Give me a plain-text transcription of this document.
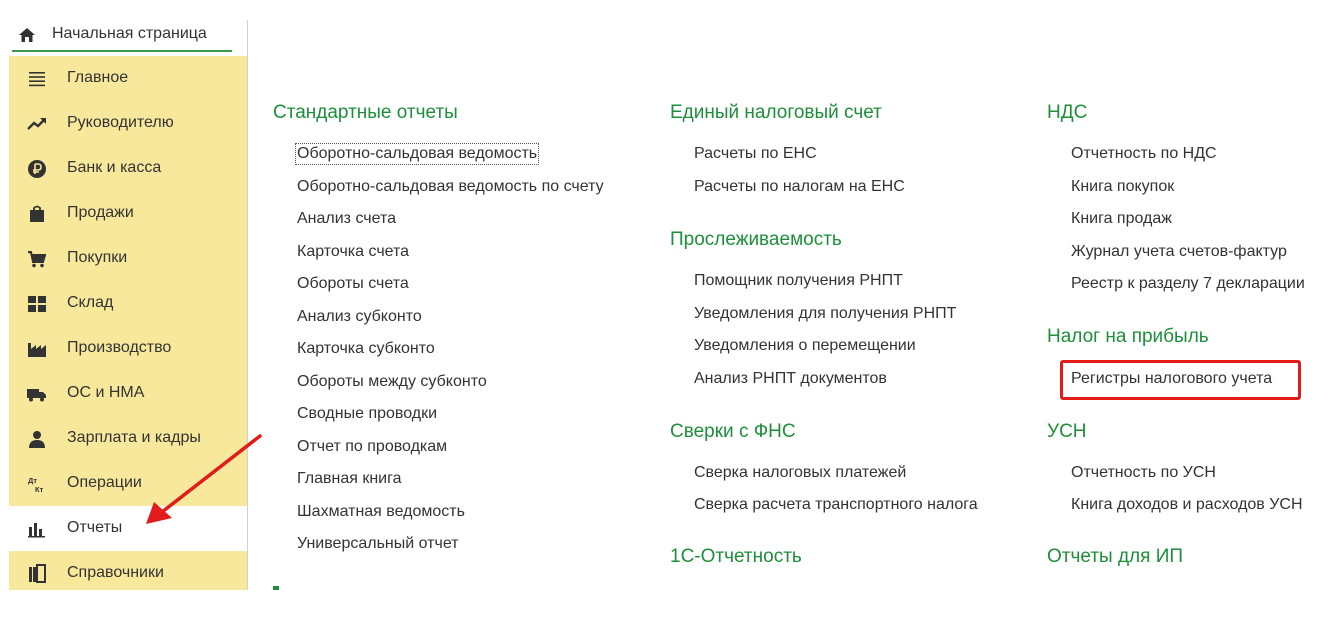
Начальная страница
Главное
Руководителю
Банк и касса
Продажи
Покупки
Склад
Производство
ОС и НМА
Зарплата и кадры
Дт
Кт Операции
Отчеты
Справочники
Стандартные отчеты
Оборотно-сальдовая ведомость
Оборотно-сальдовая ведомость по счету
Анализ счета
Карточка счета
Обороты счета
Анализ субконто
Карточка субконто
Обороты между субконто
Сводные проводки
Отчет по проводкам
Главная книга
Шахматная ведомость
Универсальный отчет
Единый налоговый счет
Расчеты по ЕНС
Расчеты по налогам на ЕНС
Прослеживаемость
Помощник получения РНПТ
Уведомления для получения РНПТ
Уведомления о перемещении
Анализ РНПТ документов
Сверки с ФНС
Сверка налоговых платежей
Сверка расчета транспортного налога
1С-Отчетность
НДС
Отчетность по НДС
Книга покупок
Книга продаж
Журнал учета счетов-фактур
Реестр к разделу 7 декларации
Налог на прибыль
Регистры налогового учета
УСН
Отчетность по УСН
Книга доходов и расходов УСН
Отчеты для ИП
